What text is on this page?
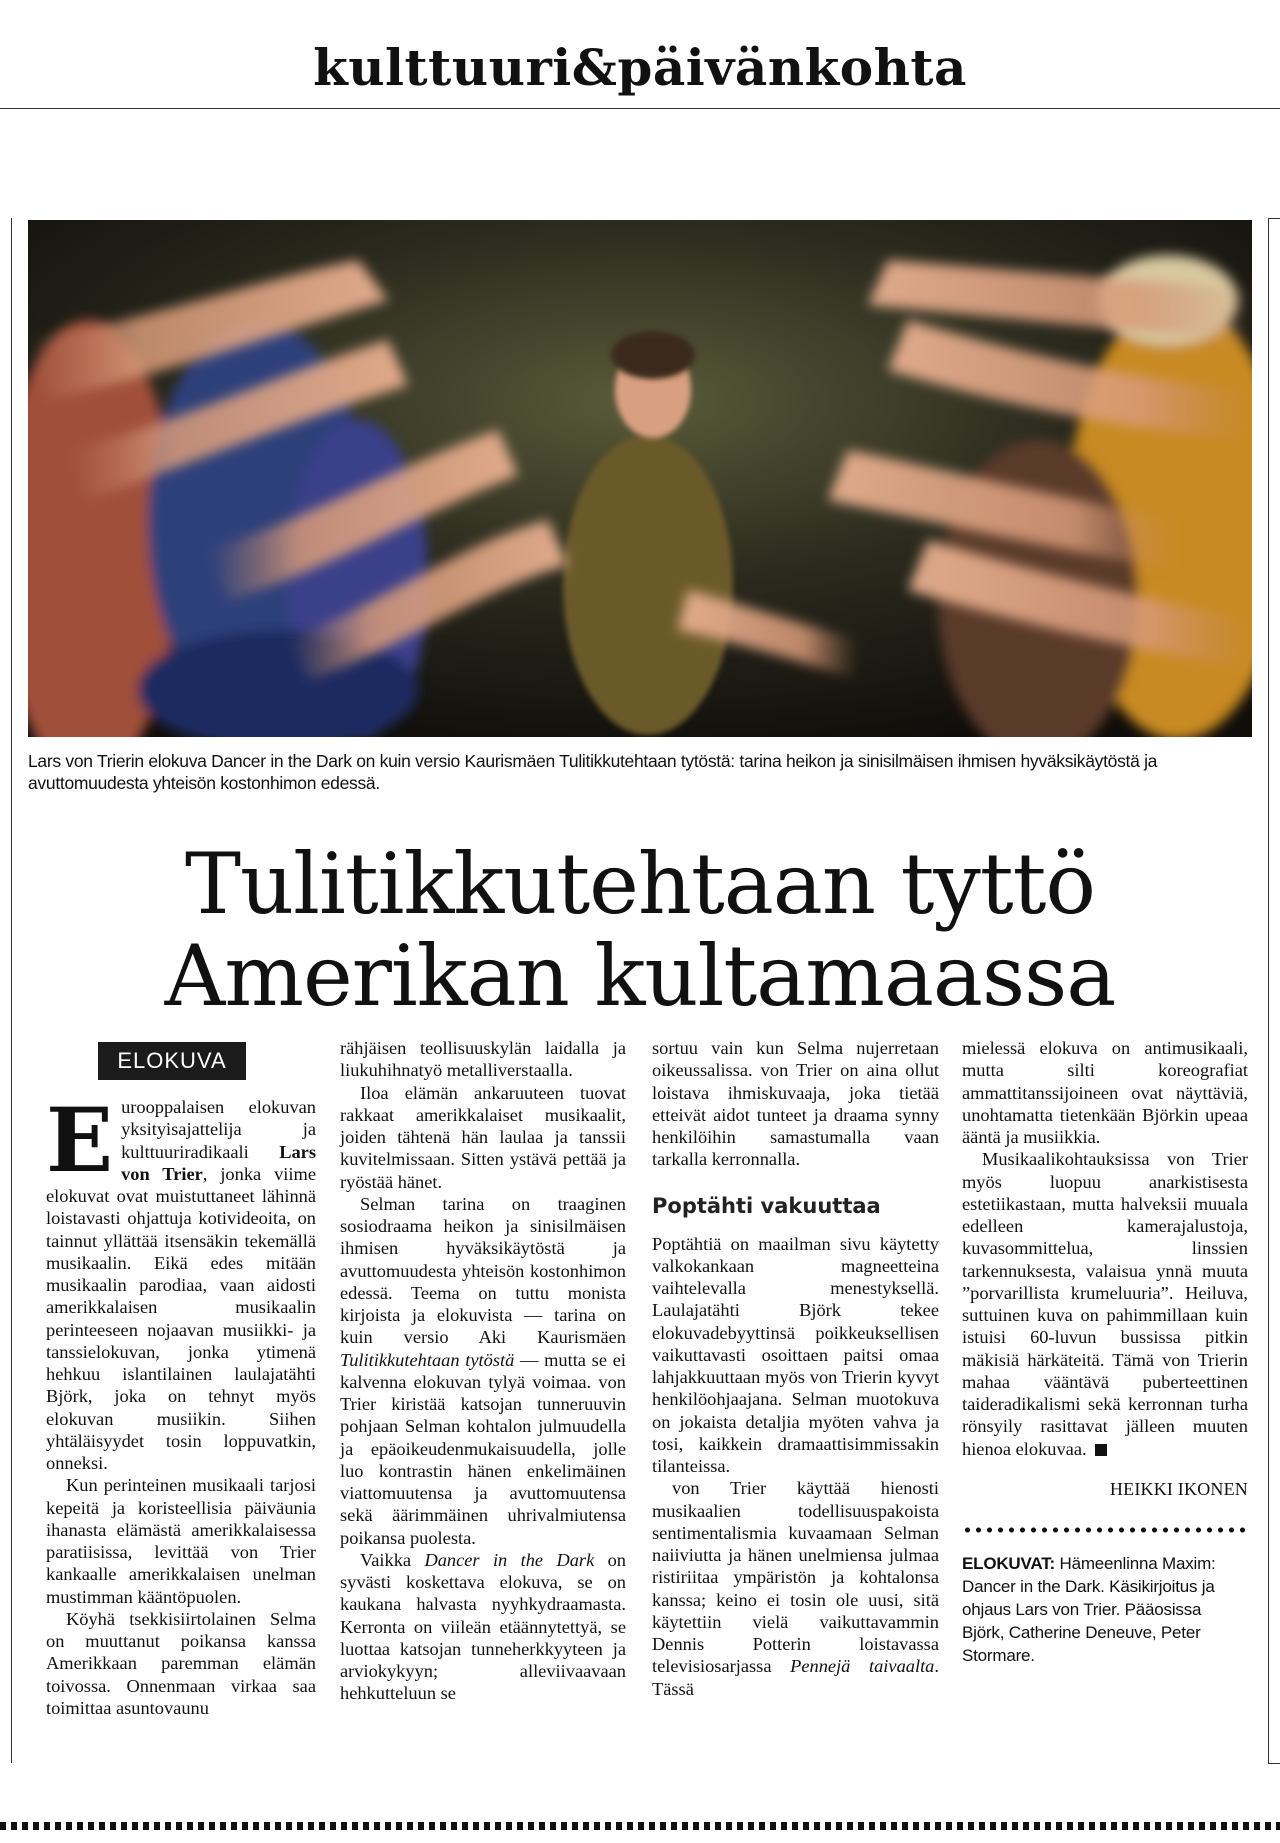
kulttuuri&päivänkohta
Lars von Trierin elokuva Dancer in the Dark on kuin versio Kaurismäen Tulitikkutehtaan tytöstä: tarina heikon ja sinisilmäisen ihmisen hyväksikäytöstä ja avuttomuudesta yhteisön kostonhimon edessä.
Tulitikkutehtaan tyttö
Amerikan kultamaassa
ELOKUVA

Eurooppalaisen elokuvan yksityisajattelija ja kulttuuriradikaali Lars von Trier, jonka viime elokuvat ovat muistuttaneet lähinnä loistavasti ohjattuja kotivideoita, on tainnut yllättää itsensäkin tekemällä musikaalin. Eikä edes mitään musikaalin parodiaa, vaan aidosti amerikkalaisen musikaalin perinteeseen nojaavan musiikki- ja tanssielokuvan, jonka ytimenä hehkuu islantilainen laulajatähti Björk, joka on tehnyt myös elokuvan musiikin. Siihen yhtäläisyydet tosin loppuvatkin, onneksi.

Kun perinteinen musikaali tarjosi kepeitä ja koristeellisia päiväunia ihanasta elämästä amerikkalaisessa paratiisissa, levittää von Trier kankaalle amerikkalaisen unelman mustimman kääntöpuolen.

Köyhä tsekkisiirtolainen Selma on muuttanut poikansa kanssa Amerikkaan paremman elämän toivossa. Onnenmaan virkaa saa toimittaa asuntovaunu

rähjäisen teollisuuskylän laidalla ja liukuhihnatyö metalliverstaalla.

Iloa elämän ankaruuteen tuovat rakkaat amerikkalaiset musikaalit, joiden tähtenä hän laulaa ja tanssii kuvitelmissaan. Sitten ystävä pettää ja ryöstää hänet.

Selman tarina on traaginen sosiodraama heikon ja sinisilmäisen ihmisen hyväksikäytöstä ja avuttomuudesta yhteisön kostonhimon edessä. Teema on tuttu monista kirjoista ja elokuvista — tarina on kuin versio Aki Kaurismäen Tulitikkutehtaan tytöstä — mutta se ei kalvenna elokuvan tylyä voimaa. von Trier kiristää katsojan tunneruuvin pohjaan Selman kohtalon julmuudella ja epäoikeudenmukaisuudella, jolle luo kontrastin hänen enkelimäinen viattomuutensa ja avuttomuutensa sekä äärimmäinen uhrivalmiutensa poikansa puolesta.

Vaikka Dancer in the Dark on syvästi koskettava elokuva, se on kaukana halvasta nyyhkydraamasta. Kerronta on viileän etäännytettyä, se luottaa katsojan tunneherkkyyteen ja arviokykyyn; alleviivaavaan hehkutteluun se

sortuu vain kun Selma nujerretaan oikeussalissa. von Trier on aina ollut loistava ihmiskuvaaja, joka tietää etteivät aidot tunteet ja draama synny henkilöihin samastumalla vaan tarkalla kerronnalla.

Poptähti vakuuttaa

Poptähtiä on maailman sivu käytetty valkokankaan magneetteina vaihtelevalla menestyksellä. Laulajatähti Björk tekee elokuvadebyyttinsä poikkeuksellisen vaikuttavasti osoittaen paitsi omaa lahjakkuuttaan myös von Trierin kyvyt henkilöohjaajana. Selman muotokuva on jokaista detaljia myöten vahva ja tosi, kaikkein dramaattisimmissakin tilanteissa.

von Trier käyttää hienosti musikaalien todellisuuspakoista sentimentalismia kuvaamaan Selman naiiviutta ja hänen unelmiensa julmaa ristiriitaa ympäristön ja kohtalonsa kanssa; keino ei tosin ole uusi, sitä käytettiin vielä vaikuttavammin Dennis Potterin loistavassa televisiosarjassa Pennejä taivaalta. Tässä

mielessä elokuva on antimusikaali, mutta silti koreografiat ammattitanssijoineen ovat näyttäviä, unohtamatta tietenkään Björkin upeaa ääntä ja musiikkia.

Musikaalikohtauksissa von Trier myös luopuu anarkistisesta estetiikastaan, mutta halveksii muuala edelleen kamerajalustoja, kuvasommittelua, linssien tarkennuksesta, valaisua ynnä muuta ”porvarillista krumeluuria”. Heiluva, suttuinen kuva on pahimmillaan kuin istuisi 60-luvun bussissa pitkin mäkisiä härkäteitä. Tämä von Trierin mahaa vääntävä puberteettinen taideradikalismi sekä kerronnan turha rönsyily rasittavat jälleen muuten hienoa elokuvaa.

HEIKKI IKONEN
ELOKUVAT: Hämeenlinna Maxim: Dancer in the Dark. Käsikirjoitus ja ohjaus Lars von Trier. Pääosissa Björk, Catherine Deneuve, Peter Stormare.
